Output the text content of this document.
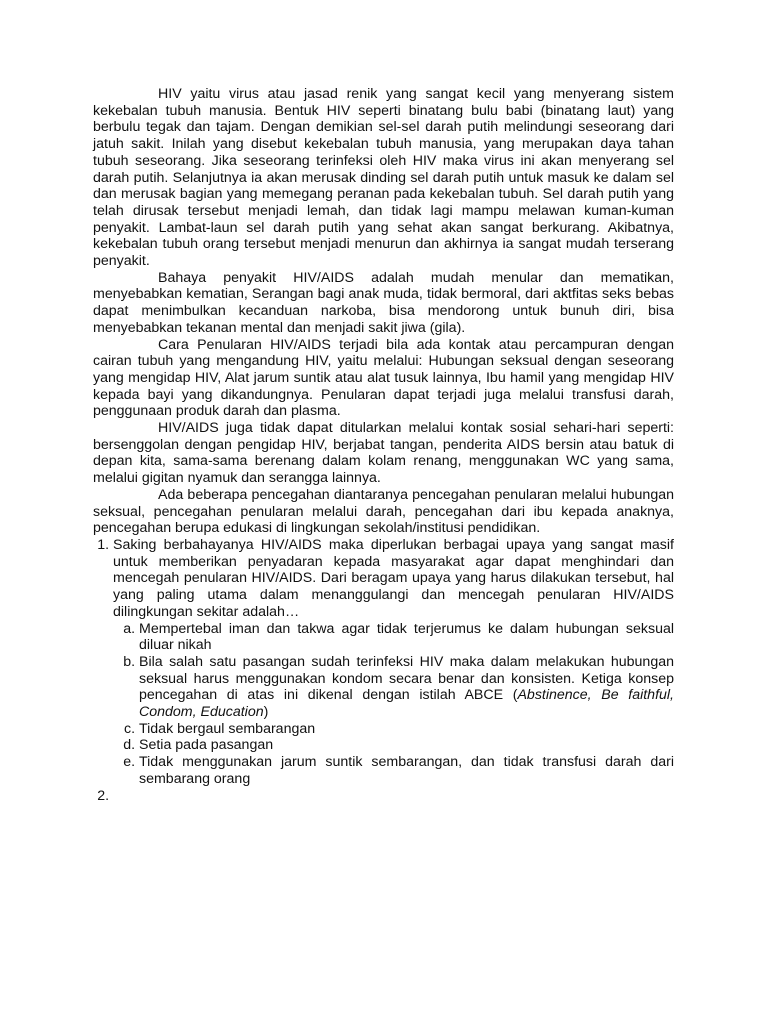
HIV yaitu virus atau jasad renik yang sangat kecil yang menyerang sistem kekebalan tubuh manusia. Bentuk HIV seperti binatang bulu babi (binatang laut) yang berbulu tegak dan tajam. Dengan demikian sel-sel darah putih melindungi seseorang dari jatuh sakit. Inilah yang disebut kekebalan tubuh manusia, yang merupakan daya tahan tubuh seseorang. Jika seseorang terinfeksi oleh HIV maka virus ini akan menyerang sel darah putih. Selanjutnya ia akan merusak dinding sel darah putih untuk masuk ke dalam sel dan merusak bagian yang memegang peranan pada kekebalan tubuh. Sel darah putih yang telah dirusak tersebut menjadi lemah, dan tidak lagi mampu melawan kuman-kuman penyakit. Lambat-laun sel darah putih yang sehat akan sangat berkurang. Akibatnya, kekebalan tubuh orang tersebut menjadi menurun dan akhirnya ia sangat mudah terserang penyakit.

Bahaya penyakit HIV/AIDS adalah mudah menular dan mematikan, menyebabkan kematian, Serangan bagi anak muda, tidak bermoral, dari aktfitas seks bebas dapat menimbulkan kecanduan narkoba, bisa mendorong untuk bunuh diri, bisa menyebabkan tekanan mental dan menjadi sakit jiwa (gila).

Cara Penularan HIV/AIDS terjadi bila ada kontak atau percampuran dengan cairan tubuh yang mengandung HIV, yaitu melalui: Hubungan seksual dengan seseorang yang mengidap HIV, Alat jarum suntik atau alat tusuk lainnya, Ibu hamil yang mengidap HIV kepada bayi yang dikandungnya. Penularan dapat terjadi juga melalui transfusi darah, penggunaan produk darah dan plasma.

HIV/AIDS juga tidak dapat ditularkan melalui kontak sosial sehari-hari seperti: bersenggolan dengan pengidap HIV, berjabat tangan, penderita AIDS bersin atau batuk di depan kita, sama-sama berenang dalam kolam renang, menggunakan WC yang sama, melalui gigitan nyamuk dan serangga lainnya.

Ada beberapa pencegahan diantaranya pencegahan penularan melalui hubungan seksual, pencegahan penularan melalui darah, pencegahan dari ibu kepada anaknya, pencegahan berupa edukasi di lingkungan sekolah/institusi pendidikan.

1. Saking berbahayanya HIV/AIDS maka diperlukan berbagai upaya yang sangat masif untuk memberikan penyadaran kepada masyarakat agar dapat menghindari dan mencegah penularan HIV/AIDS. Dari beragam upaya yang harus dilakukan tersebut, hal yang paling utama dalam menanggulangi dan mencegah penularan HIV/AIDS dilingkungan sekitar adalah…
a. Mempertebal iman dan takwa agar tidak terjerumus ke dalam hubungan seksual diluar nikah
b. Bila salah satu pasangan sudah terinfeksi HIV maka dalam melakukan hubungan seksual harus menggunakan kondom secara benar dan konsisten. Ketiga konsep pencegahan di atas ini dikenal dengan istilah ABCE (Abstinence, Be faithful, Condom, Education)
c. Tidak bergaul sembarangan
d. Setia pada pasangan
e. Tidak menggunakan jarum suntik sembarangan, dan tidak transfusi darah dari sembarang orang
2.
